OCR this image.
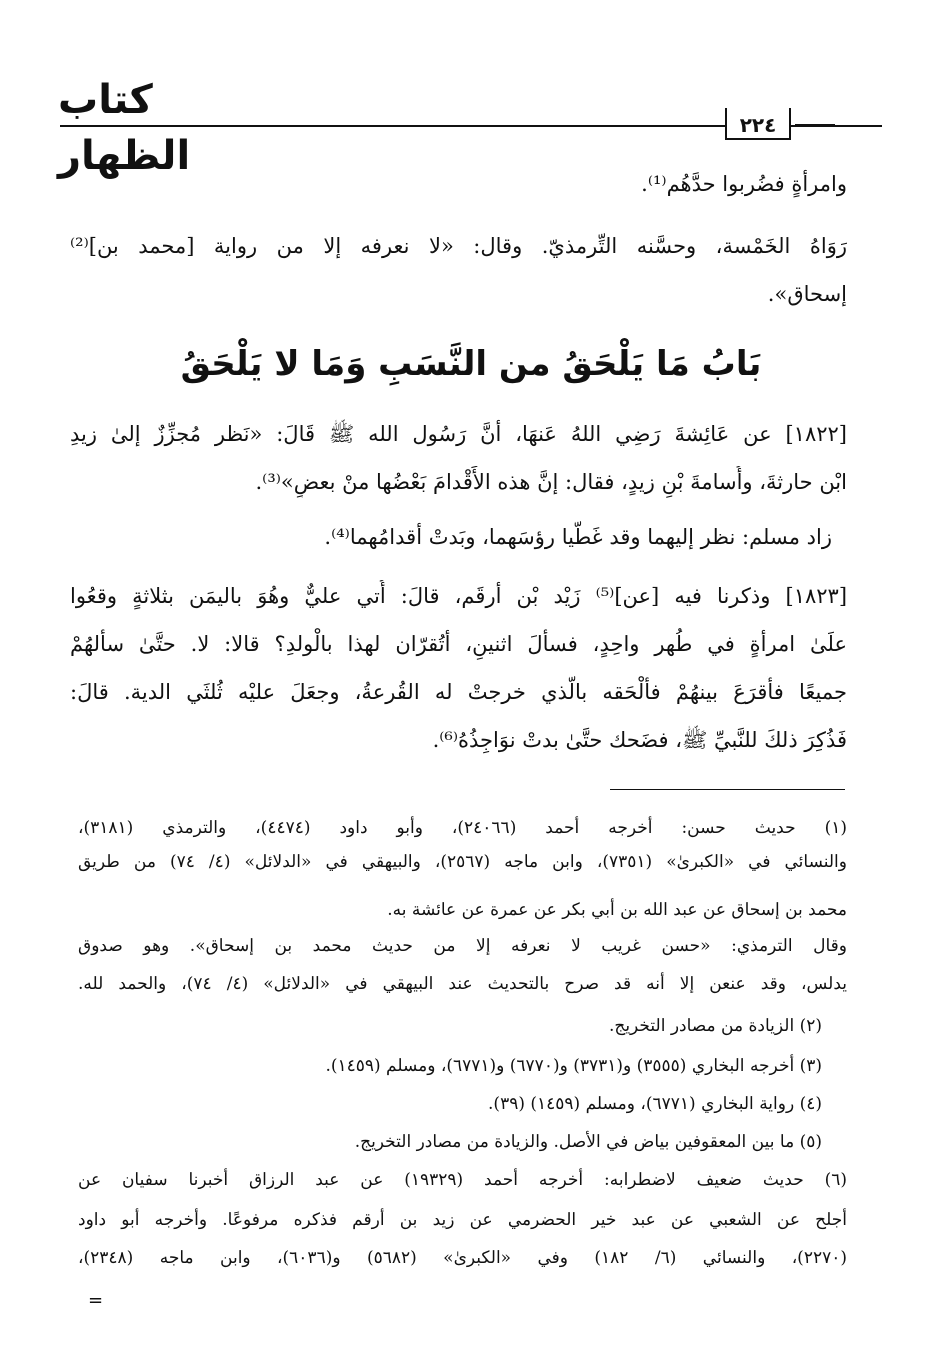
كتاب الظهار
٢٢٤
وامرأةٍ فضُربوا حدَّهُم⁽¹⁾.
رَوَاهُ الخَمْسة، وحسَّنه التِّرمذيّ. وقال: «لا نعرفه إلا من رواية [محمد بن]⁽²⁾
إسحاق».
بَابُ مَا يَلْحَقُ من النَّسَبِ وَمَا لا يَلْحَقُ
[١٨٢٢] عن عَائِشةَ رَضِي اللهُ عَنهَا، أنَّ رَسُول الله ﷺ قَالَ: «نَظر مُجزِّزٌ إلىٰ زيدِ
ابْن حارثةَ، وأُسامةَ بْنِ زيدٍ، فقال: إنَّ هذه الأَقْدامَ بَعْضُها منْ بعضٍ»⁽³⁾.
زاد مسلم: نظر إليهما وقد غَطَّيا رؤسَهما، وبَدتْ أقدامُهما⁽⁴⁾.
[١٨٢٣] وذكرنا فيه [عن]⁽⁵⁾ زَيْد بْن أرقَم، قالَ: أُتي عليٌّ وهُوَ باليمَن بثلاثةٍ وقعُوا
علَىٰ امرأةٍ في طُهر واحِدٍ، فسألَ اثنينِ، أتُقرّان لهذا بالْولدِ؟ قالا: لا. حتَّىٰ سألهُمْ
جميعًا فأَقرَعَ بينهُمْ فألْحَقه بالَّذي خرجتْ له القُرعةُ، وجعَلَ عليْه ثُلثَي الدية. قالَ:
فَذُكِرَ ذلكَ للنَّبيِّ ﷺ، فضَحك حتَّىٰ بدتْ نوَاجِذُهُ⁽⁶⁾.
(١) حديث حسن: أخرجه أحمد (٢٤٠٦٦)، وأبو داود (٤٤٧٤)، والترمذي (٣١٨١)،
والنسائي في «الكبرىٰ» (٧٣٥١)، وابن ماجه (٢٥٦٧)، والبيهقي في «الدلائل» (٤/ ٧٤) من طريق
محمد بن إسحاق عن عبد الله بن أبي بكر عن عمرة عن عائشة به.
وقال الترمذي: «حسن غريب لا نعرفه إلا من حديث محمد بن إسحاق». وهو صدوق
يدلس، وقد عنعن إلا أنه قد صرح بالتحديث عند البيهقي في «الدلائل» (٤/ ٧٤)، والحمد لله.
(٢) الزيادة من مصادر التخريج.
(٣) أخرجه البخاري (٣٥٥٥) و(٣٧٣١) و(٦٧٧٠) و(٦٧٧١)، ومسلم (١٤٥٩).
(٤) رواية البخاري (٦٧٧١)، ومسلم (١٤٥٩) (٣٩).
(٥) ما بين المعقوفين بياض في الأصل. والزيادة من مصادر التخريج.
(٦) حديث ضعيف لاضطرابه: أخرجه أحمد (١٩٣٢٩) عن عبد الرزاق أخبرنا سفيان عن
أجلح عن الشعبي عن عبد خير الحضرمي عن زيد بن أرقم فذكره مرفوعًا. وأخرجه أبو داود
(٢٢٧٠)، والنسائي (٦/ ١٨٢) وفي «الكبرىٰ» (٥٦٨٢) و(٦٠٣٦)، وابن ماجه (٢٣٤٨)،
=
